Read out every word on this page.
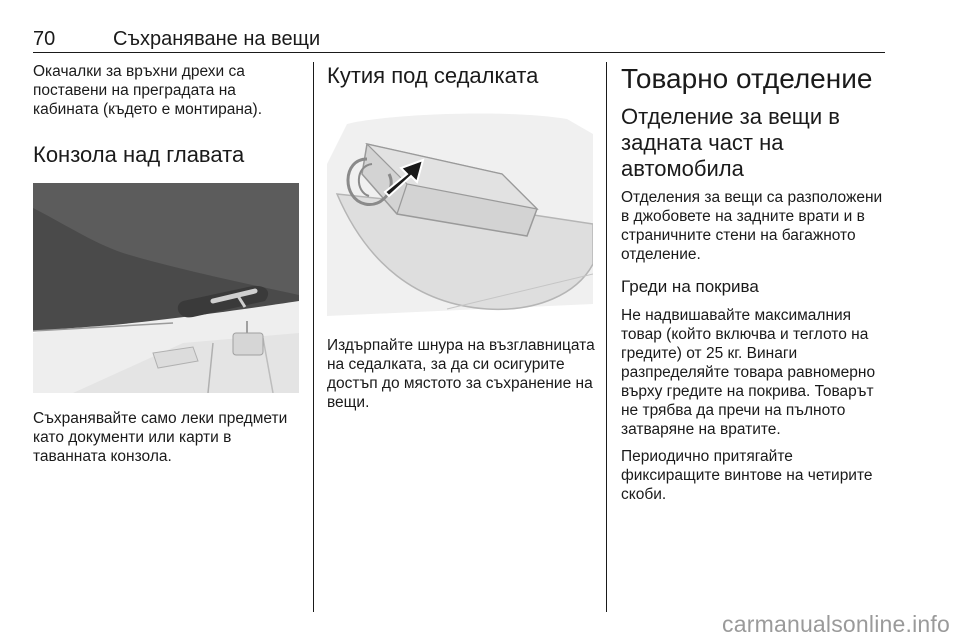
70	Съхраняване на вещи

Окачалки за връхни дрехи са поставени на преградата на кабината (където е монтирана).

Конзола над главата

Съхранявайте само леки предмети като документи или карти в таванната конзола.

Кутия под седалката

Издърпайте шнура на възглавницата на седалката, за да си осигурите достъп до мястото за съхранение на вещи.

Товарно отделение
Отделение за вещи в задната част на автомобила

Отделения за вещи са разположени в джобовете на задните врати и в страничните стени на багажното отделение.

Греди на покрива

Не надвишавайте максималния товар (който включва и теглото на гредите) от 25 кг. Винаги разпределяйте товара равномерно върху гредите на покрива. Товарът не трябва да пречи на пълното затваряне на вратите.

Периодично притягайте фиксиращите винтове на четирите скоби.

carmanualsonline.info
